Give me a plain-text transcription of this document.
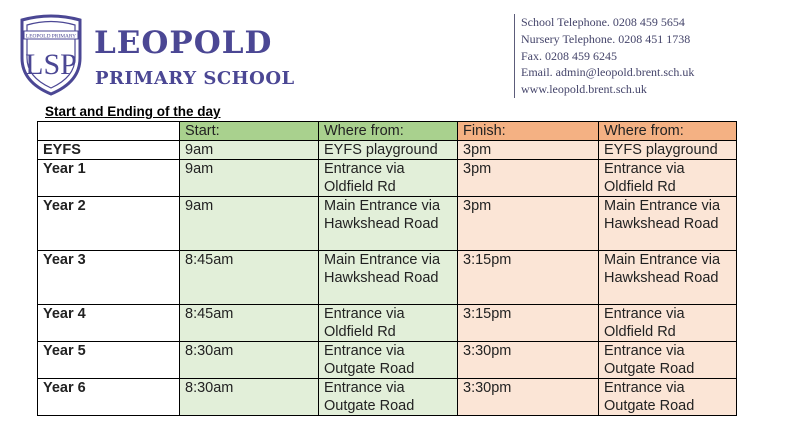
LEOPOLD PRIMARY
LSP
LEOPOLD
PRIMARY SCHOOL
School Telephone. 0208 459 5654
Nursery Telephone. 0208 451 1738
Fax. 0208 459 6245
Email. admin@leopold.brent.sch.uk
www.leopold.brent.sch.uk
Start and Ending of the day
	Start:	Where from:	Finish:	Where from:
EYFS	9am	EYFS playground	3pm	EYFS playground
Year 1	9am	Entrance via Oldfield Rd	3pm	Entrance via Oldfield Rd
Year 2	9am	Main Entrance via Hawkshead Road	3pm	Main Entrance via Hawkshead Road
Year 3	8:45am	Main Entrance via Hawkshead Road	3:15pm	Main Entrance via Hawkshead Road
Year 4	8:45am	Entrance via Oldfield Rd	3:15pm	Entrance via Oldfield Rd
Year 5	8:30am	Entrance via Outgate Road	3:30pm	Entrance via Outgate Road
Year 6	8:30am	Entrance via Outgate Road	3:30pm	Entrance via Outgate Road
